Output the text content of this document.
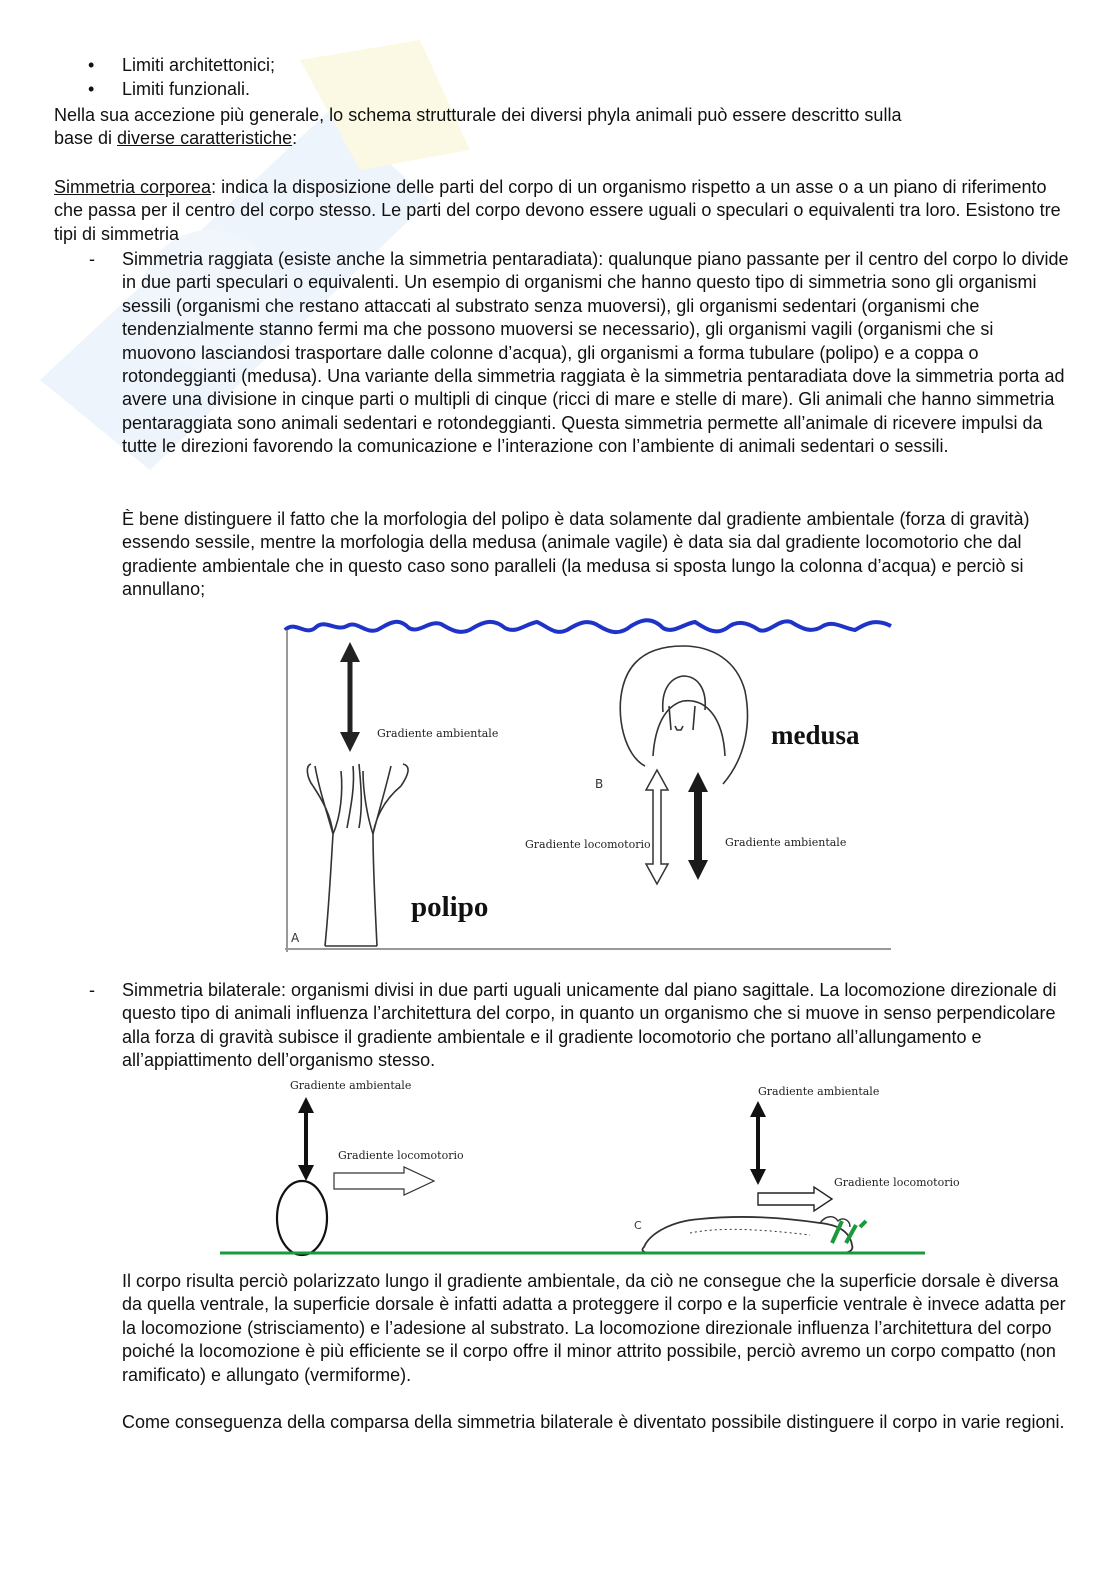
• Limiti architettonici;
• Limiti funzionali.
Nella sua accezione più generale, lo schema strutturale dei diversi phyla animali può essere descritto sulla
base di diverse caratteristiche:

Simmetria corporea: indica la disposizione delle parti del corpo di un organismo rispetto a un asse o a un piano di riferimento che passa per il centro del corpo stesso. Le parti del corpo devono essere uguali o speculari o equivalenti tra loro. Esistono tre tipi di simmetria

- Simmetria raggiata (esiste anche la simmetria pentaradiata): qualunque piano passante per il centro del corpo lo divide in due parti speculari o equivalenti. Un esempio di organismi che hanno questo tipo di simmetria sono gli organismi sessili (organismi che restano attaccati al substrato senza muoversi), gli organismi sedentari (organismi che tendenzialmente stanno fermi ma che possono muoversi se necessario), gli organismi vagili (organismi che si muovono lasciandosi trasportare dalle colonne d’acqua), gli organismi a forma tubulare (polipo) e a coppa o rotondeggianti (medusa). Una variante della simmetria raggiata è la simmetria pentaradiata dove la simmetria porta ad avere una divisione in cinque parti o multipli di cinque (ricci di mare e stelle di mare). Gli animali che hanno simmetria pentaraggiata sono animali sedentari e rotondeggianti. Questa simmetria permette all’animale di ricevere impulsi da tutte le direzioni favorendo la comunicazione e l’interazione con l’ambiente di animali sedentari o sessili.

È bene distinguere il fatto che la morfologia del polipo è data solamente dal gradiente ambientale (forza di gravità) essendo sessile, mentre la morfologia della medusa (animale vagile) è data sia dal gradiente locomotorio che dal gradiente ambientale che in questo caso sono paralleli (la medusa si sposta lungo la colonna d’acqua) e perciò si annullano;

Gradiente ambientale
A
polipo
B
medusa
Gradiente locomotorio	Gradiente ambientale
- Simmetria bilaterale: organismi divisi in due parti uguali unicamente dal piano sagittale. La locomozione direzionale di questo tipo di animali influenza l’architettura del corpo, in quanto un organismo che si muove in senso perpendicolare alla forza di gravità subisce il gradiente ambientale e il gradiente locomotorio che portano all’allungamento e all’appiattimento dell’organismo stesso.

Gradiente ambientale
Gradiente locomotorio
Gradiente ambientale
Gradiente locomotorio
C

Il corpo risulta perciò polarizzato lungo il gradiente ambientale, da ciò ne consegue che la superficie dorsale è diversa da quella ventrale, la superficie dorsale è infatti adatta a proteggere il corpo e la superficie ventrale è invece adatta per la locomozione (strisciamento) e l’adesione al substrato. La locomozione direzionale influenza l’architettura del corpo poiché la locomozione è più efficiente se il corpo offre il minor attrito possibile, perciò avremo un corpo compatto (non ramificato) e allungato (vermiforme).

Come conseguenza della comparsa della simmetria bilaterale è diventato possibile distinguere il corpo in varie regioni.
